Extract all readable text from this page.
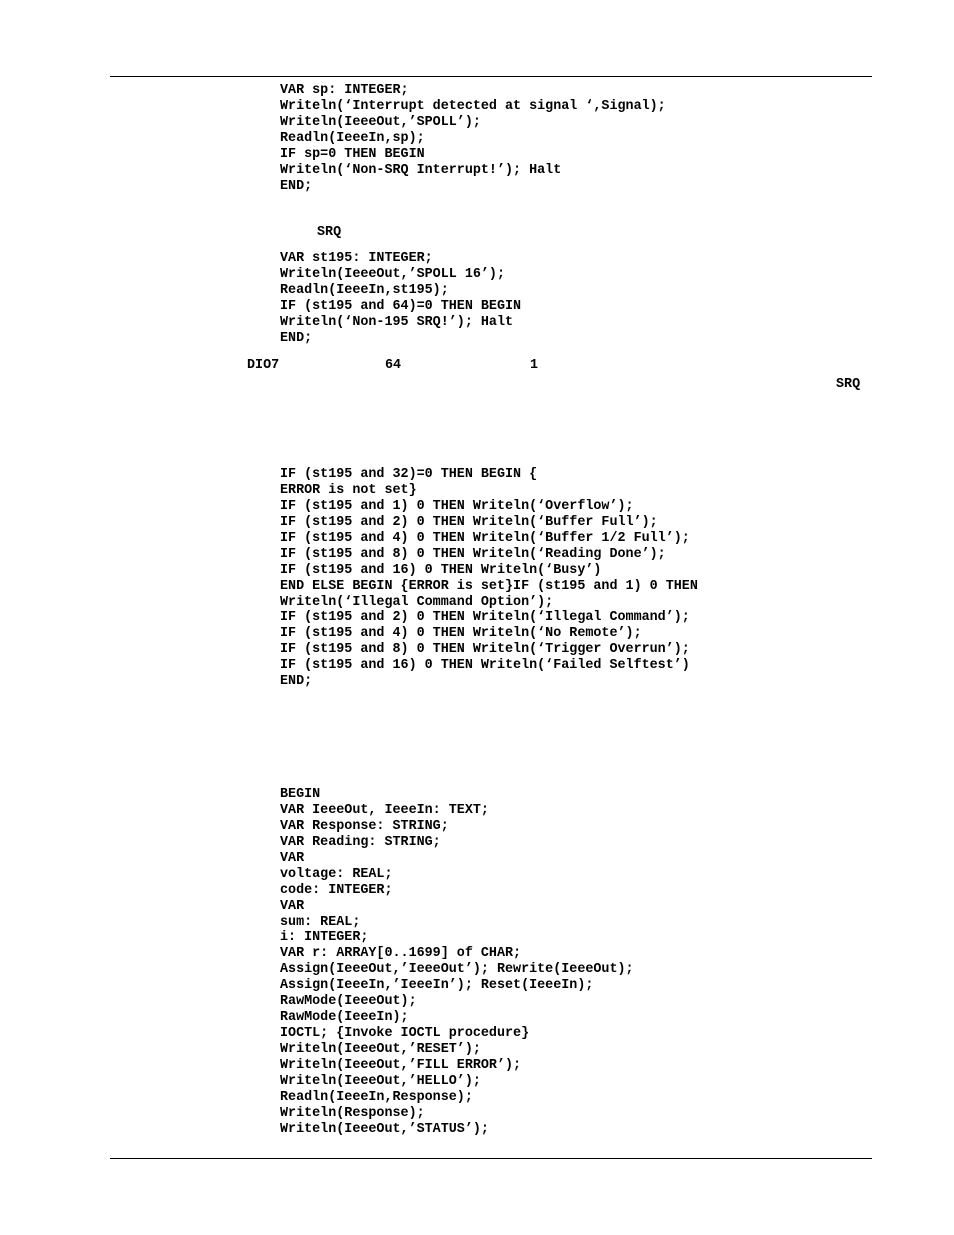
VAR sp: INTEGER;
Writeln(‘Interrupt detected at signal ‘,Signal);
Writeln(IeeeOut,’SPOLL’);
Readln(IeeeIn,sp);
IF sp=0 THEN BEGIN
Writeln(‘Non-SRQ Interrupt!’); Halt
END;
SRQ
VAR st195: INTEGER;
Writeln(IeeeOut,’SPOLL 16’);
Readln(IeeeIn,st195);
IF (st195 and 64)=0 THEN BEGIN
Writeln(‘Non-195 SRQ!’); Halt
END;
DIO7	64	1
SRQ
IF (st195 and 32)=0 THEN BEGIN {
ERROR is not set}
IF (st195 and 1) 0 THEN Writeln(‘Overflow’);
IF (st195 and 2) 0 THEN Writeln(‘Buffer Full’);
IF (st195 and 4) 0 THEN Writeln(‘Buffer 1/2 Full’);
IF (st195 and 8) 0 THEN Writeln(‘Reading Done’);
IF (st195 and 16) 0 THEN Writeln(‘Busy’)
END ELSE BEGIN {ERROR is set}IF (st195 and 1) 0 THEN
Writeln(‘Illegal Command Option’);
IF (st195 and 2) 0 THEN Writeln(‘Illegal Command’);
IF (st195 and 4) 0 THEN Writeln(‘No Remote’);
IF (st195 and 8) 0 THEN Writeln(‘Trigger Overrun’);
IF (st195 and 16) 0 THEN Writeln(‘Failed Selftest’)
END;
BEGIN
VAR IeeeOut, IeeeIn: TEXT;
VAR Response: STRING;
VAR Reading: STRING;
VAR
voltage: REAL;
code: INTEGER;
VAR
sum: REAL;
i: INTEGER;
VAR r: ARRAY[0..1699] of CHAR;
Assign(IeeeOut,’IeeeOut’); Rewrite(IeeeOut);
Assign(IeeeIn,’IeeeIn’); Reset(IeeeIn);
RawMode(IeeeOut);
RawMode(IeeeIn);
IOCTL; {Invoke IOCTL procedure}
Writeln(IeeeOut,’RESET’);
Writeln(IeeeOut,’FILL ERROR’);
Writeln(IeeeOut,’HELLO’);
Readln(IeeeIn,Response);
Writeln(Response);
Writeln(IeeeOut,’STATUS’);
